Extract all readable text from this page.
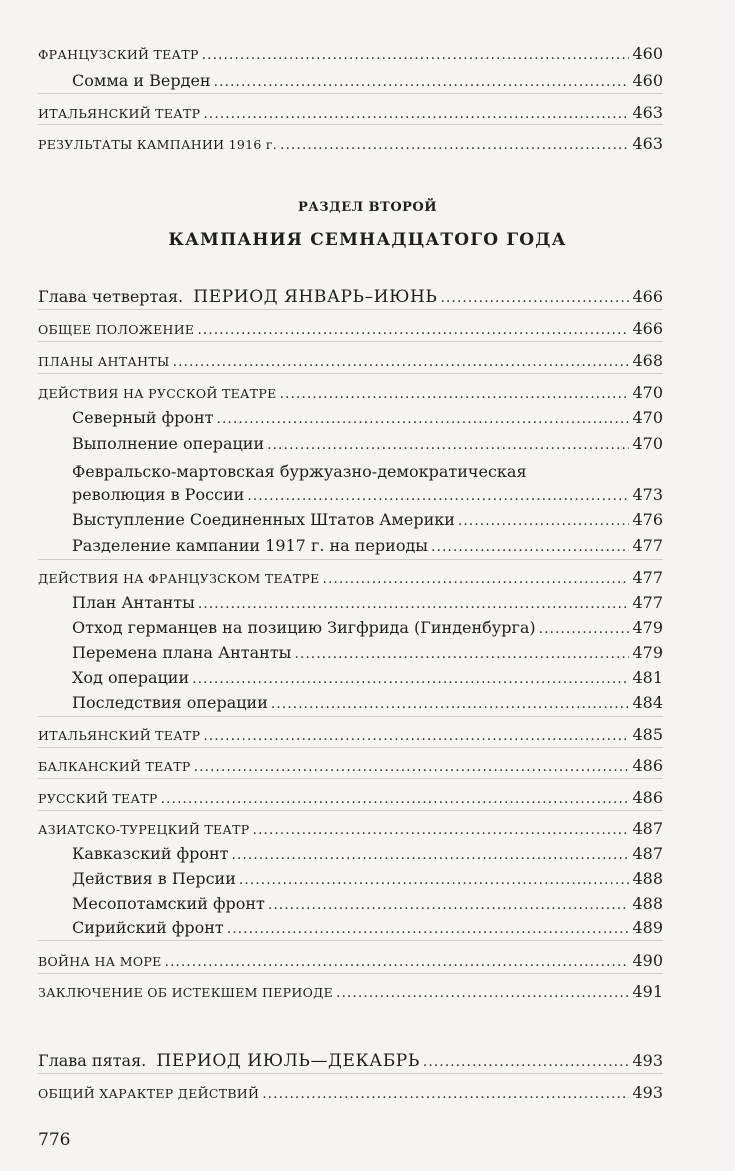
ФРАНЦУЗСКИЙ ТЕАТР .....	460
Сомма и Верден .....	460
ИТАЛЬЯНСКИЙ ТЕАТР .....	463
РЕЗУЛЬТАТЫ КАМПАНИИ 1916 г. .....	463
РАЗДЕЛ ВТОРОЙ
КАМПАНИЯ СЕМНАДЦАТОГО ГОДА
Глава четвертая. ПЕРИОД ЯНВАРЬ–ИЮНЬ .....	466
ОБЩЕЕ ПОЛОЖЕНИЕ .....	466
ПЛАНЫ АНТАНТЫ .....	468
ДЕЙСТВИЯ НА РУССКОЙ ТЕАТРЕ .....	470
Северный фронт .....	470
Выполнение операции .....	470
Февральско-мартовская буржуазно-демократическая
революция в России .....	473
Выступление Соединенных Штатов Америки .....	476
Разделение кампании 1917 г. на периоды .....	477
ДЕЙСТВИЯ НА ФРАНЦУЗСКОМ ТЕАТРЕ .....	477
План Антанты .....	477
Отход германцев на позицию Зигфрида (Гинденбурга) .....	479
Перемена плана Антанты .....	479
Ход операции .....	481
Последствия операции .....	484
ИТАЛЬЯНСКИЙ ТЕАТР .....	485
БАЛКАНСКИЙ ТЕАТР .....	486
РУССКИЙ ТЕАТР .....	486
АЗИАТСКО-ТУРЕЦКИЙ ТЕАТР .....	487
Кавказский фронт .....	487
Действия в Персии .....	488
Месопотамский фронт .....	488
Сирийский фронт .....	489
ВОЙНА НА МОРЕ .....	490
ЗАКЛЮЧЕНИЕ ОБ ИСТЕКШЕМ ПЕРИОДЕ .....	491
Глава пятая. ПЕРИОД ИЮЛЬ—ДЕКАБРЬ .....	493
ОБЩИЙ ХАРАКТЕР ДЕЙСТВИЙ .....	493
776
